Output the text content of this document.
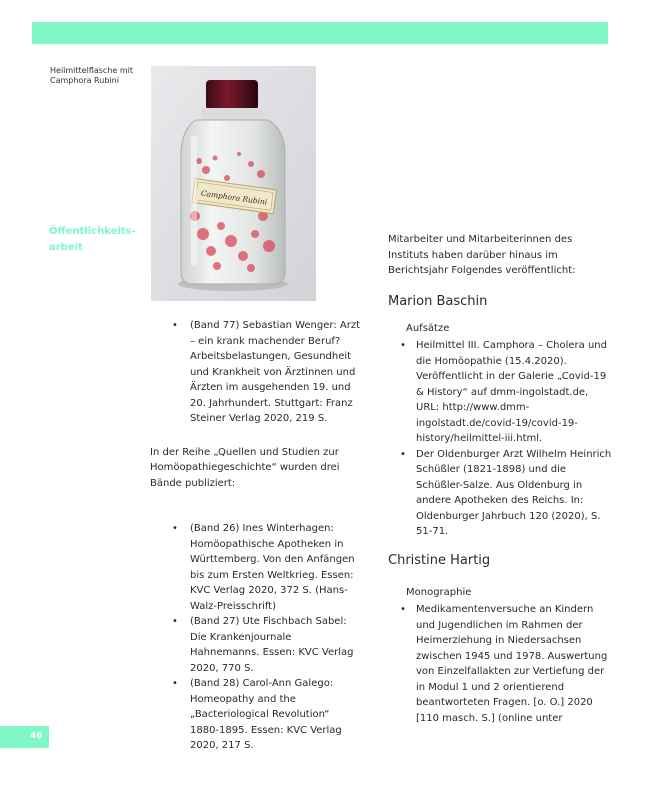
Heilmittelflasche mit Camphora Rubini
Camphora Rubini
Öffentlichkeits-arbeit
• (Band 77) Sebastian Wenger: Arzt – ein krank machender Beruf? Arbeitsbelastungen, Gesundheit und Krankheit von Ärztinnen und Ärzten im ausgehenden 19. und 20. Jahrhundert. Stuttgart: Franz Steiner Verlag 2020, 219 S.

In der Reihe „Quellen und Studien zur Homöopathiegeschichte“ wurden drei Bände publiziert:

• (Band 26) Ines Winterhagen: Homöopathische Apotheken in Württemberg. Von den Anfängen bis zum Ersten Weltkrieg. Essen: KVC Verlag 2020, 372 S. (Hans-Walz-Preisschrift)
• (Band 27) Ute Fischbach Sabel: Die Krankenjournale Hahnemanns. Essen: KVC Verlag 2020, 770 S.
• (Band 28) Carol-Ann Galego: Homeopathy and the „Bacteriological Revolution“ 1880-1895. Essen: KVC Verlag 2020, 217 S.

Mitarbeiter und Mitarbeiterinnen des Instituts haben darüber hinaus im Berichtsjahr Folgendes veröffentlicht:

Marion Baschin
Aufsätze
• Heilmittel III. Camphora – Cholera und die Homöopathie (15.4.2020). Veröffentlicht in der Galerie „Covid-19 & History“ auf dmm-ingolstadt.de, URL: http://www.dmm-ingolstadt.de/covid-19/covid-19-history/heilmittel-iii.html.
• Der Oldenburger Arzt Wilhelm Heinrich Schüßler (1821-1898) und die Schüßler-Salze. Aus Oldenburg in andere Apotheken des Reichs. In: Oldenburger Jahrbuch 120 (2020), S. 51-71.
Christine Hartig
Monographie
• Medikamentenversuche an Kindern und Jugendlichen im Rahmen der Heimerziehung in Niedersachsen zwischen 1945 und 1978. Auswertung von Einzelfallakten zur Vertiefung der in Modul 1 und 2 orientierend beantworteten Fragen. [o. O.] 2020 [110 masch. S.] (online unter
46
